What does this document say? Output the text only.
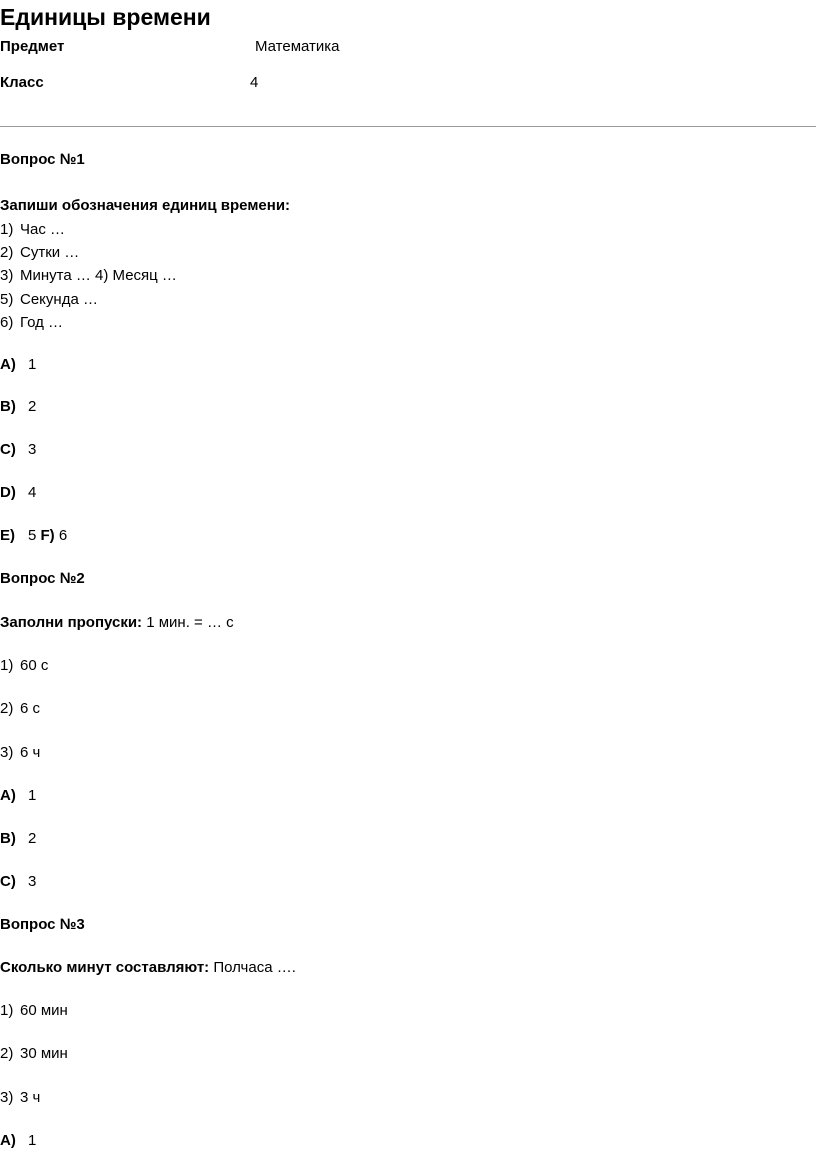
Единицы времени
Предмет	Математика
Класс	4
Вопрос №1
Запиши обозначения единиц времени:
1) Час …
2) Сутки …
3) Минута … 4) Месяц …
5) Секунда …
6) Год …
A) 1
B) 2
C) 3
D) 4
E) 5 F) 6
Вопрос №2
Заполни пропуски: 1 мин. = … с
1) 60 с
2) 6 с
3) 6 ч
A) 1
B) 2
C) 3
Вопрос №3
Сколько минут составляют: Полчаса ….
1) 60 мин
2) 30 мин
3) 3 ч
A) 1
